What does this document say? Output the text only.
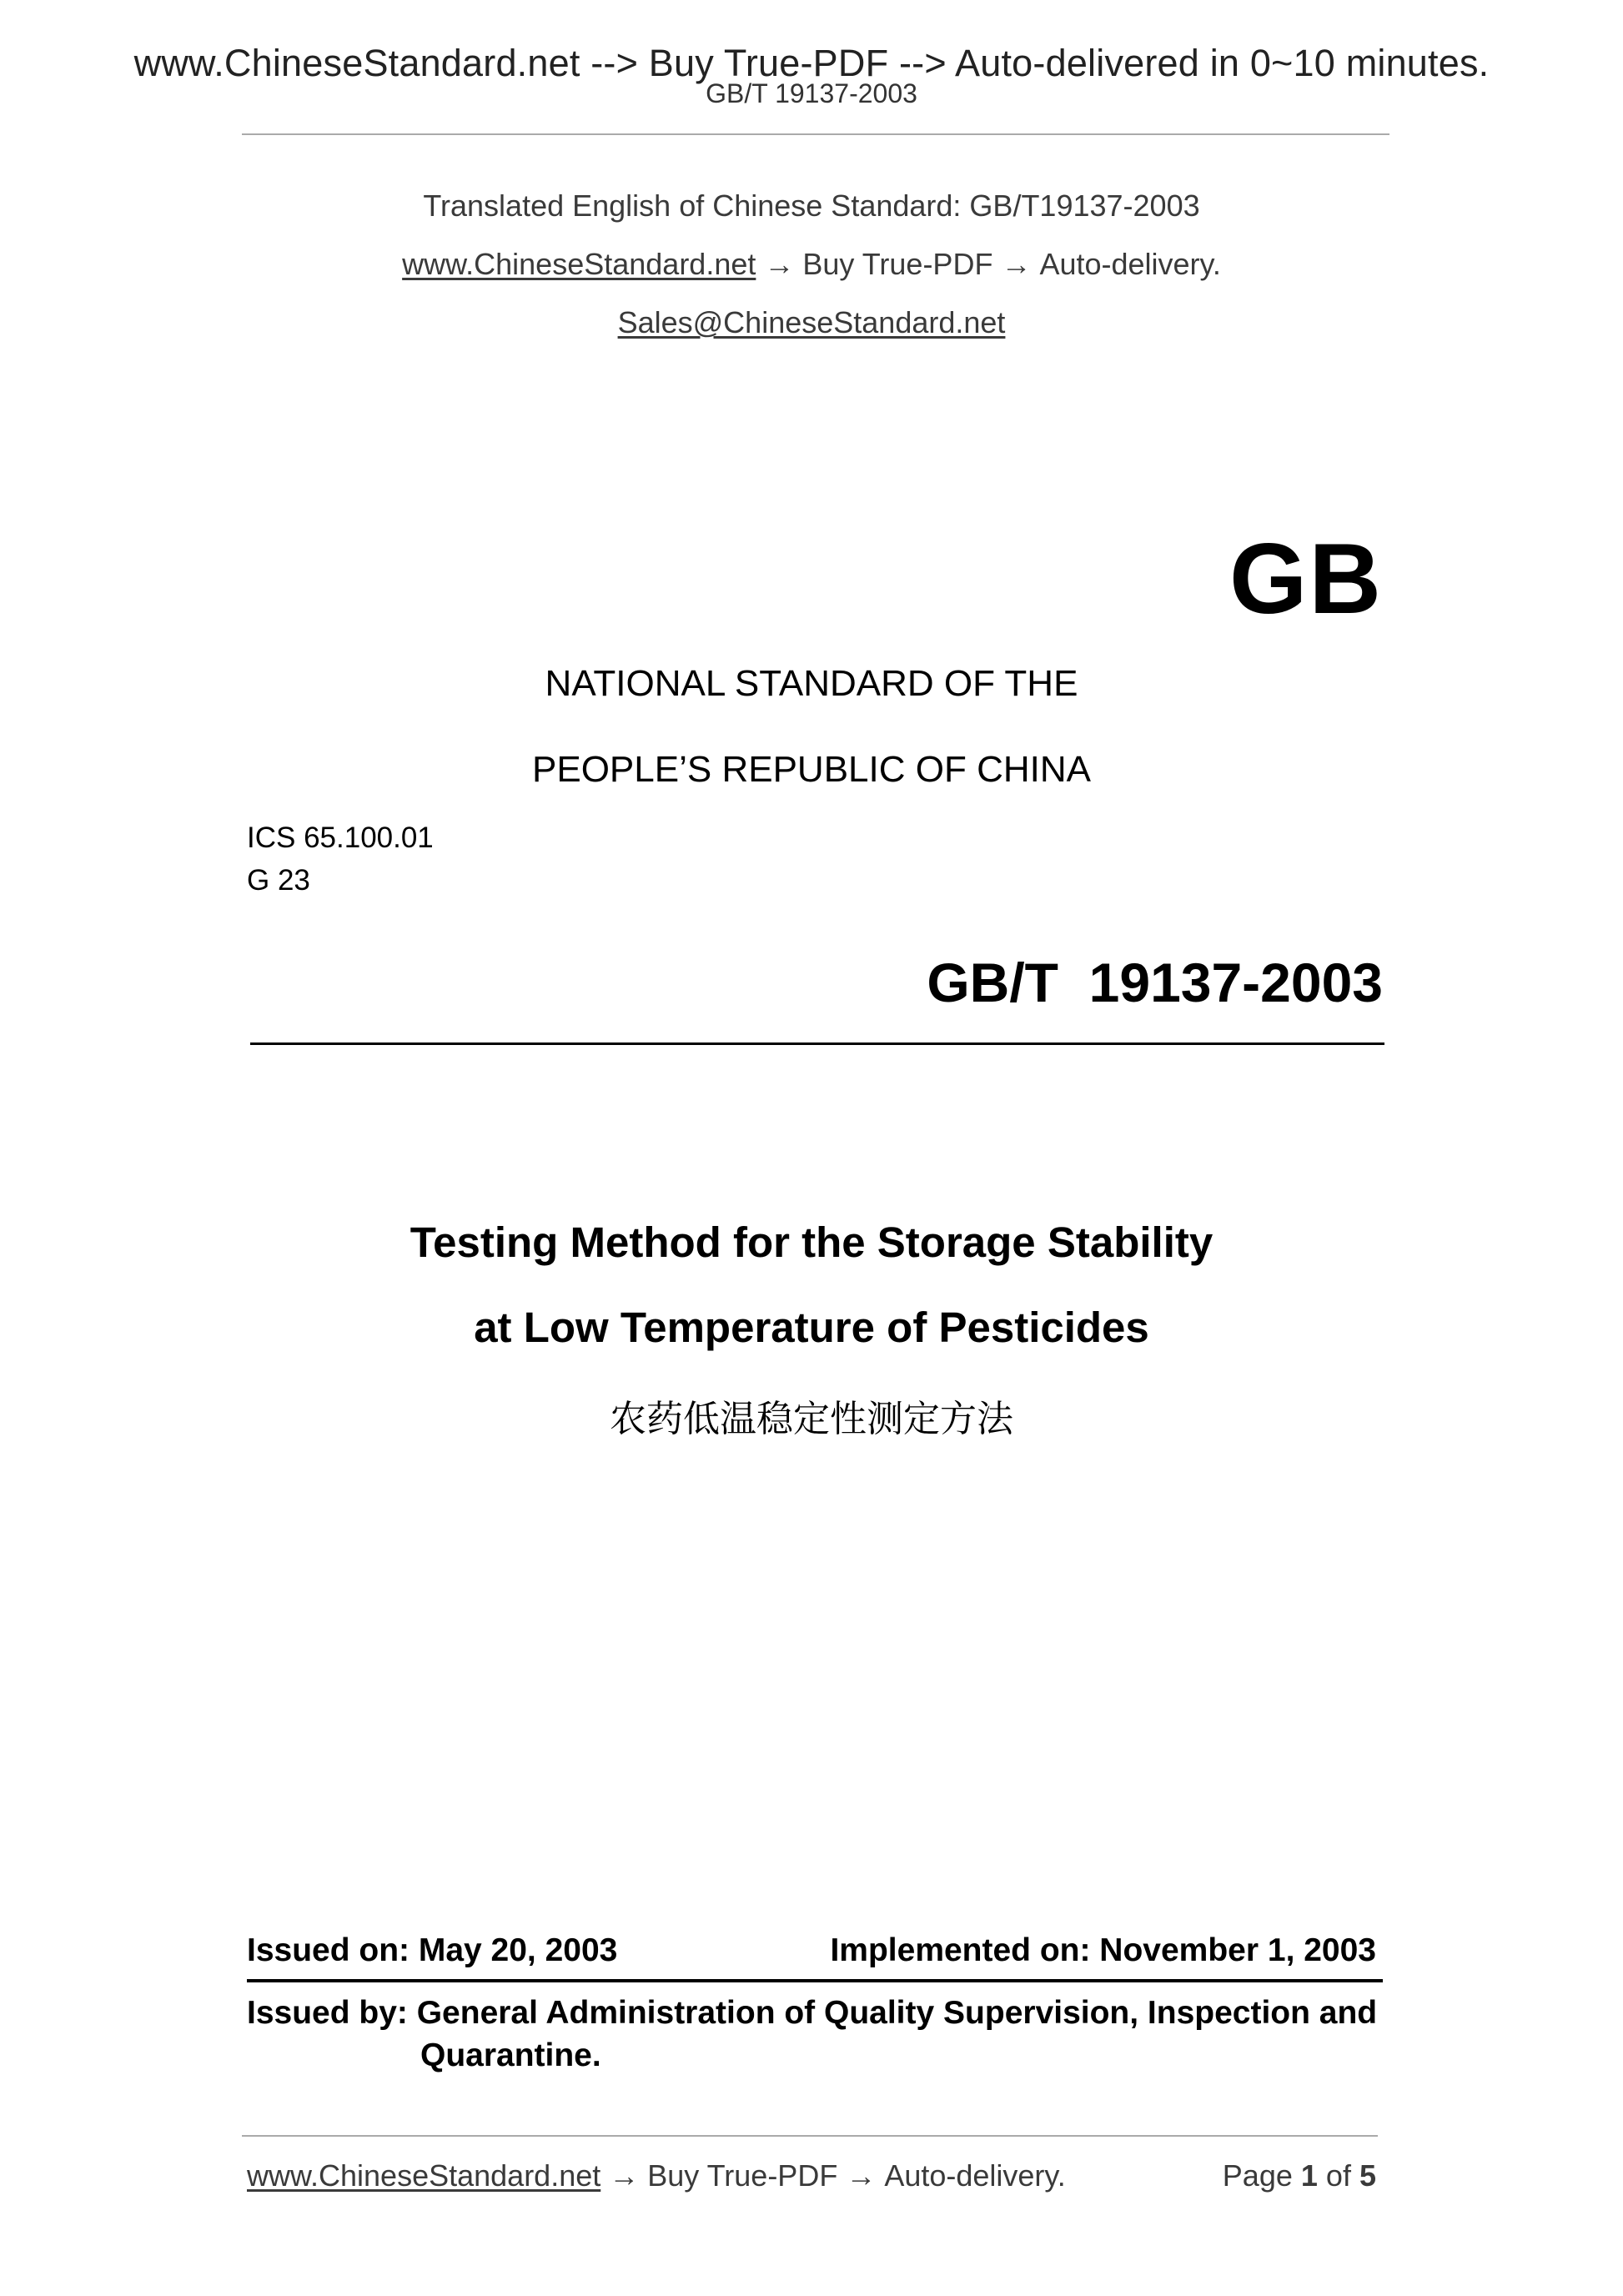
www.ChineseStandard.net --> Buy True-PDF --> Auto-delivered in 0~10 minutes.
GB/T 19137-2003
Translated English of Chinese Standard: GB/T19137-2003
www.ChineseStandard.net → Buy True-PDF → Auto-delivery.
Sales@ChineseStandard.net
GB
NATIONAL STANDARD OF THE
PEOPLE’S REPUBLIC OF CHINA
ICS 65.100.01
G 23
GB/T  19137-2003
Testing Method for the Storage Stability
at Low Temperature of Pesticides
农药低温稳定性测定方法
Issued on: May 20, 2003	Implemented on: November 1, 2003
Issued by: General Administration of Quality Supervision, Inspection and
Quarantine.
www.ChineseStandard.net → Buy True-PDF → Auto-delivery.	Page 1 of 5
